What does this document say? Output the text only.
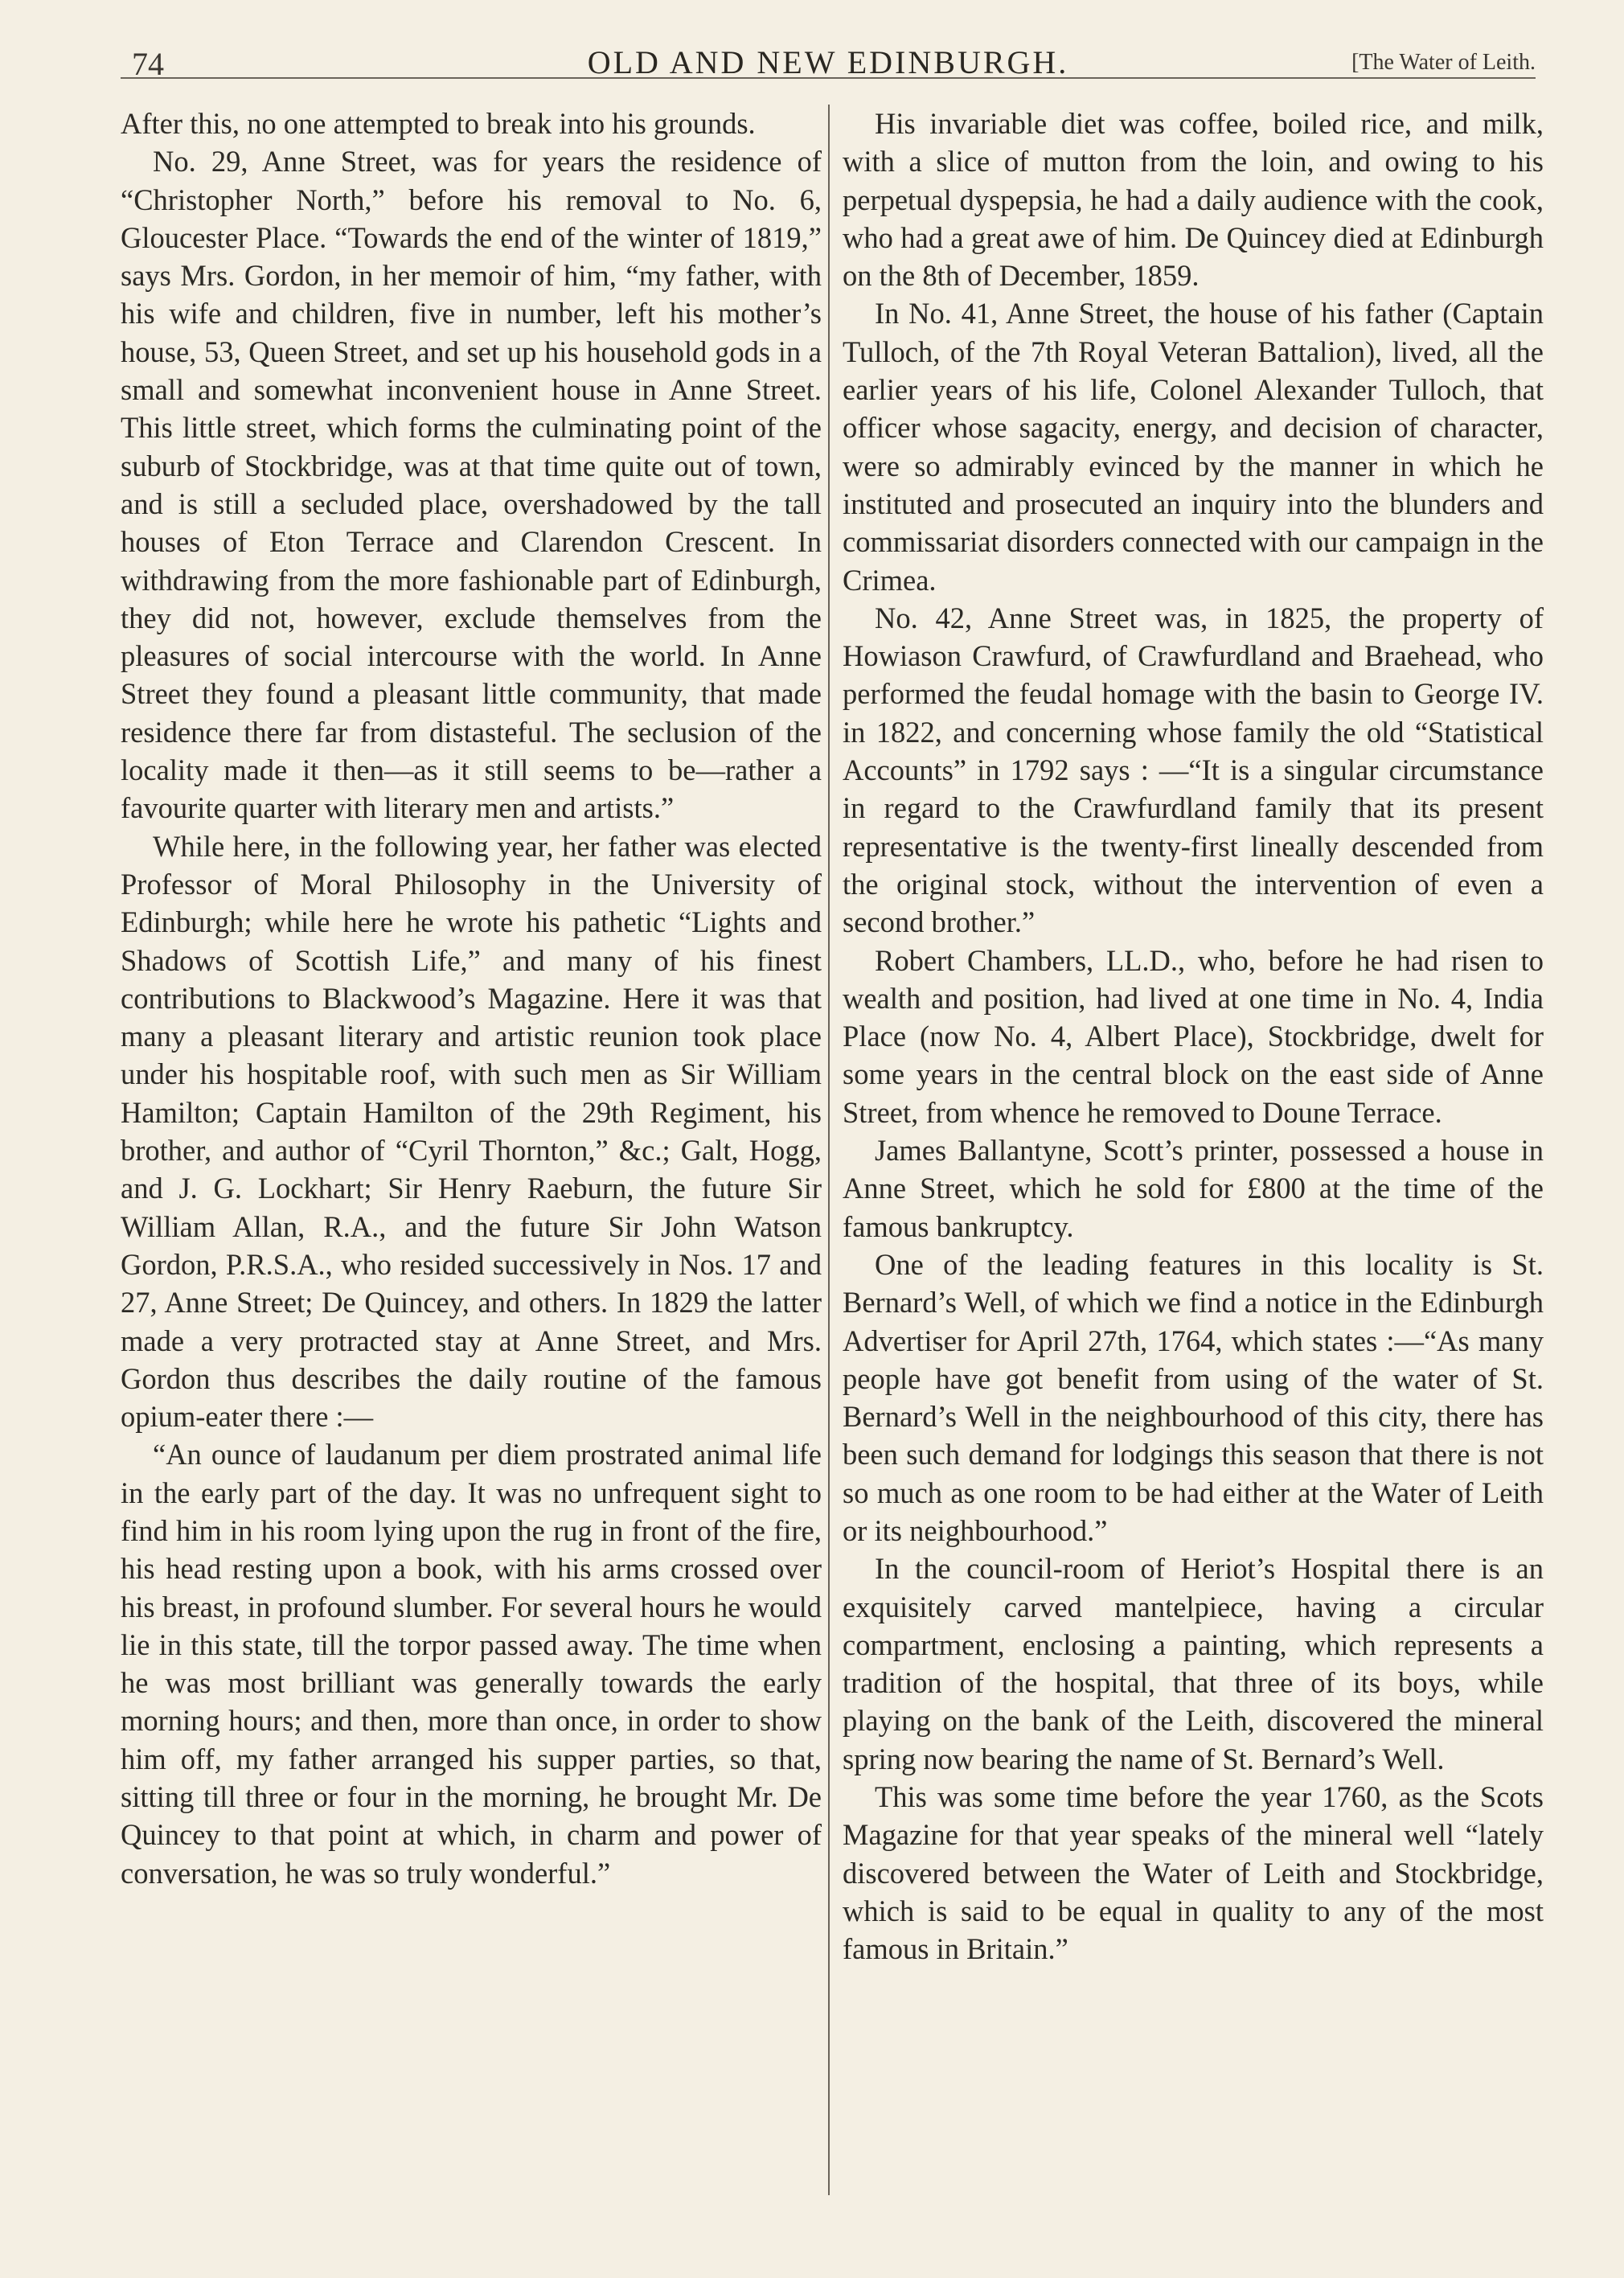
74	OLD AND NEW EDINBURGH.	[The Water of Leith.

After this, no one attempted to break into his grounds.

No. 29, Anne Street, was for years the residence of “Christopher North,” before his removal to No. 6, Gloucester Place. “Towards the end of the winter of 1819,” says Mrs. Gordon, in her memoir of him, “my father, with his wife and children, five in number, left his mother’s house, 53, Queen Street, and set up his household gods in a small and somewhat inconvenient house in Anne Street. This little street, which forms the culminating point of the suburb of Stockbridge, was at that time quite out of town, and is still a secluded place, overshadowed by the tall houses of Eton Terrace and Clarendon Crescent. In withdrawing from the more fashionable part of Edinburgh, they did not, however, exclude themselves from the pleasures of social intercourse with the world. In Anne Street they found a pleasant little community, that made residence there far from distasteful. The seclusion of the locality made it then—as it still seems to be—rather a favourite quarter with literary men and artists.”

While here, in the following year, her father was elected Professor of Moral Philosophy in the University of Edinburgh; while here he wrote his pathetic “Lights and Shadows of Scottish Life,” and many of his finest contributions to Blackwood’s Magazine. Here it was that many a pleasant literary and artistic reunion took place under his hospitable roof, with such men as Sir William Hamilton; Captain Hamilton of the 29th Regiment, his brother, and author of “Cyril Thornton,” &c.; Galt, Hogg, and J. G. Lockhart; Sir Henry Raeburn, the future Sir William Allan, R.A., and the future Sir John Watson Gordon, P.R.S.A., who resided successively in Nos. 17 and 27, Anne Street; De Quincey, and others. In 1829 the latter made a very protracted stay at Anne Street, and Mrs. Gordon thus describes the daily routine of the famous opium-eater there :—

“An ounce of laudanum per diem prostrated animal life in the early part of the day. It was no unfrequent sight to find him in his room lying upon the rug in front of the fire, his head resting upon a book, with his arms crossed over his breast, in profound slumber. For several hours he would lie in this state, till the torpor passed away. The time when he was most brilliant was generally towards the early morning hours; and then, more than once, in order to show him off, my father arranged his supper parties, so that, sitting till three or four in the morning, he brought Mr. De Quincey to that point at which, in charm and power of conversation, he was so truly wonderful.”

His invariable diet was coffee, boiled rice, and milk, with a slice of mutton from the loin, and owing to his perpetual dyspepsia, he had a daily audience with the cook, who had a great awe of him. De Quincey died at Edinburgh on the 8th of December, 1859.

In No. 41, Anne Street, the house of his father (Captain Tulloch, of the 7th Royal Veteran Battalion), lived, all the earlier years of his life, Colonel Alexander Tulloch, that officer whose sagacity, energy, and decision of character, were so admirably evinced by the manner in which he instituted and prosecuted an inquiry into the blunders and commissariat disorders connected with our campaign in the Crimea.

No. 42, Anne Street was, in 1825, the property of Howiason Crawfurd, of Crawfurdland and Braehead, who performed the feudal homage with the basin to George IV. in 1822, and concerning whose family the old “Statistical Accounts” in 1792 says : —“It is a singular circumstance in regard to the Crawfurdland family that its present representative is the twenty-first lineally descended from the original stock, without the intervention of even a second brother.”

Robert Chambers, LL.D., who, before he had risen to wealth and position, had lived at one time in No. 4, India Place (now No. 4, Albert Place), Stockbridge, dwelt for some years in the central block on the east side of Anne Street, from whence he removed to Doune Terrace.

James Ballantyne, Scott’s printer, possessed a house in Anne Street, which he sold for £800 at the time of the famous bankruptcy.

One of the leading features in this locality is St. Bernard’s Well, of which we find a notice in the Edinburgh Advertiser for April 27th, 1764, which states :—“As many people have got benefit from using of the water of St. Bernard’s Well in the neighbourhood of this city, there has been such demand for lodgings this season that there is not so much as one room to be had either at the Water of Leith or its neighbourhood.”

In the council-room of Heriot’s Hospital there is an exquisitely carved mantelpiece, having a circular compartment, enclosing a painting, which represents a tradition of the hospital, that three of its boys, while playing on the bank of the Leith, discovered the mineral spring now bearing the name of St. Bernard’s Well.

This was some time before the year 1760, as the Scots Magazine for that year speaks of the mineral well “lately discovered between the Water of Leith and Stockbridge, which is said to be equal in quality to any of the most famous in Britain.”
